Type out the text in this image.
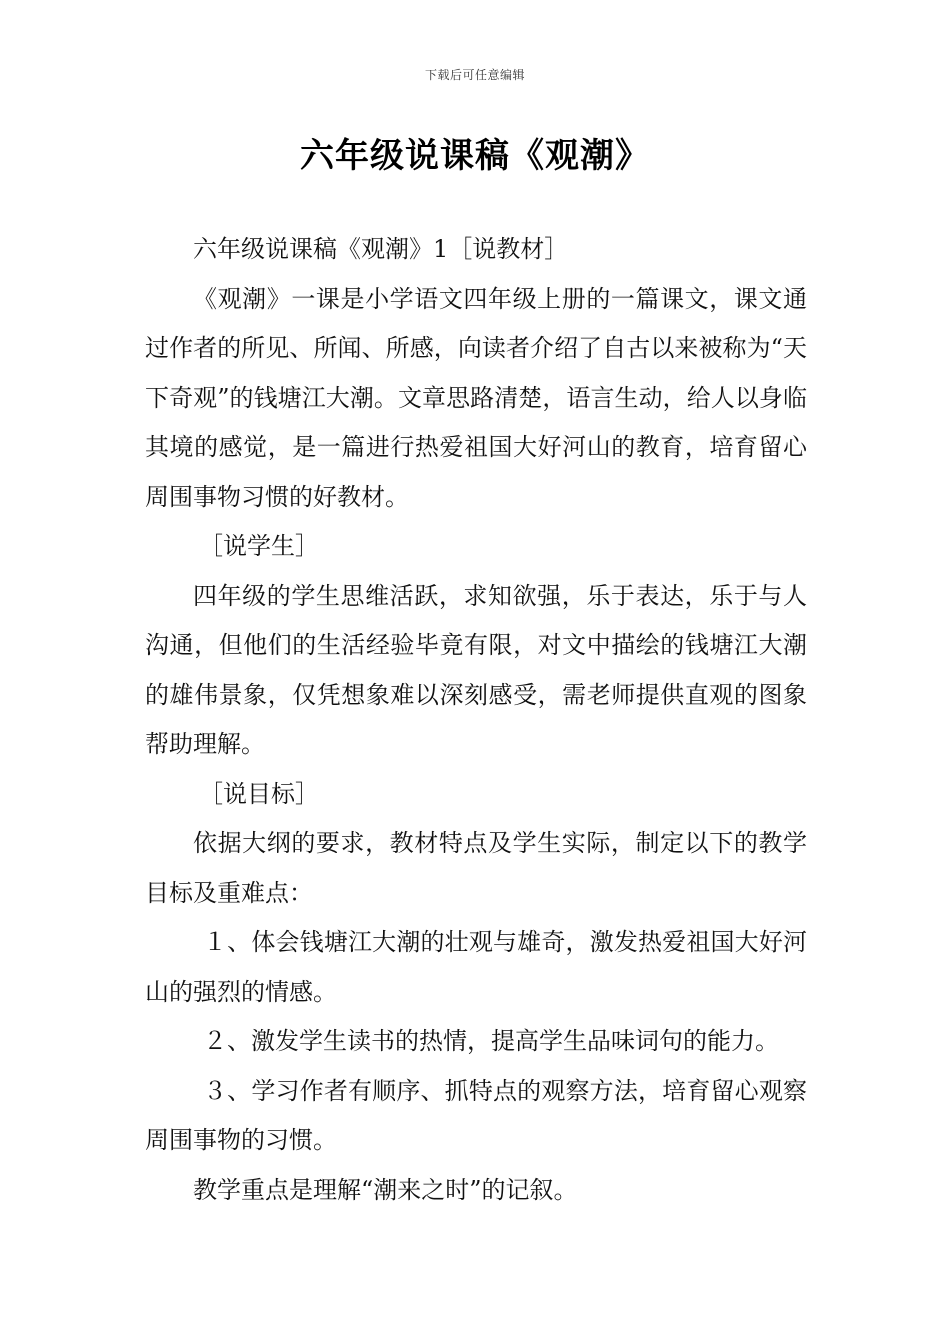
下载后可任意编辑
六年级说课稿《观潮》

六年级说课稿《观潮》1［说教材］

《观潮》一课是小学语文四年级上册的一篇课文，课文通过作者的所见、所闻、所感，向读者介绍了自古以来被称为“天下奇观”的钱塘江大潮。文章思路清楚，语言生动，给人以身临其境的感觉，是一篇进行热爱祖国大好河山的教育，培育留心周围事物习惯的好教材。

［说学生］

四年级的学生思维活跃，求知欲强，乐于表达，乐于与人沟通，但他们的生活经验毕竟有限，对文中描绘的钱塘江大潮的雄伟景象，仅凭想象难以深刻感受，需老师提供直观的图象帮助理解。

［说目标］

依据大纲的要求，教材特点及学生实际，制定以下的教学目标及重难点：

１、体会钱塘江大潮的壮观与雄奇，激发热爱祖国大好河山的强烈的情感。

２、激发学生读书的热情，提高学生品味词句的能力。

３、学习作者有顺序、抓特点的观察方法，培育留心观察周围事物的习惯。

教学重点是理解“潮来之时”的记叙。
